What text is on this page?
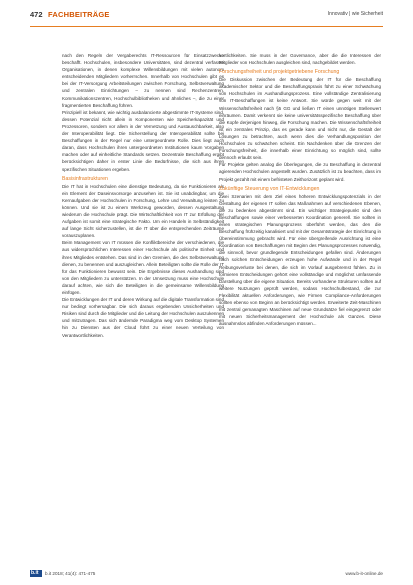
472 FACHBEITRÄGE	Innovativ | wie Sicherheit

nach den Regeln der Vergaberechts IT-Ressourcen für Einsatzzwecke beschafft. Hochschulen, insbesondere Universitäten, sind dezentral verfasste Organisationen, in denen komplexe Willensbildungen mit vielen autonom entscheidenden Mitgliedern vorherrschen. Innerhalb von Hochschulen gibt es bei der IT-Versorgung Arbeitsteilungen zwischen Forschung, Selbstverwaltung und zentralen Einrichtungen – zu nennen sind Rechenzentren, Kommunikationszentren, Hochschulbibliotheken und ähnliches –, die zu einer fragmentierten Beschaffung führen.

Prinzipiell ist bekannt, wie wichtig ausbalancierte abgestimmte IT-Systeme sind, dessen Potenzial nicht allein in Komponenten wie Speicherkapazität und Prozessoren, sondern vor allem in der Vernetzung und Austauschbarkeit, also der Interoperabilität liegt. Die Sicherstellung der Interoperabilität sollte bei Beschaffungen in der Regel nur eine untergeordnete Rolle. Dies liegt auch daran, dass Hochschulen ihren untergeordneten Institutionen kaum Vorgaben machen oder auf einheitliche Standards setzen. Dezentrale Beschaffung ergibt berücksichtigen daher in erster Linie die Bedürfnisse, die sich aus ihren spezifischen Situationen ergeben.

Basisinfrastrukturen

Die IT hat in Hochschulen eine dienstige Bedeutung, da sie Funktionieren als ein Element der Daseinsvorsorge anzusehen ist. Sie ist unabdingbar, um die Kernaufgaben der Hochschulen in Forschung, Lehre und Verwaltung leisten zu können. Und sie ist zu einem Werkzeug geworden, dessen Ausgestaltung wiederum die Hochschule prägt. Die Wirtschaftlichkeit von IT zur Erfüllung der Aufgaben ist somit eine strategische Fakto. Um ein Handeln in Selbständigkeit auf lange Sicht sicherzustellen, ist die IT über die entsprechenden Zeiträume vorauszuplanen.

Beim Management von IT müssen die Konfliktbereiche der verschiedenen, die aus widersprüchlichen Interessen einer Hochschule als politische Einheit und ihres Mitgliedes entstehen. Das sind in den Gremien, die des Selbstverwaltung dienen, zu benennen und auszugleichen. Allein Beteiligten sollte die Rolle der IT für das Funktionieren bewusst sein. Die Ergebnisse dieses Aushandlung sind von den Mitgliedern zu unterstützen. In der Umsetzung muss eine Hochschule darauf achten, wie sich die Beteiligten in die gemeinsame Willensbildung einfügen.

Die Entwicklungen der IT und deren Wirkung auf die digitale Transformation sind nur bedingt vorhersagbar. Die sich daraus ergebenden Unsicherheiten und Risiken sind durch die Mitglieder und die Leitung der Hochschulen auszukennen und mitzutragen. Das sich ändernde Paradigma weg vom Desktop Systemen hin zu Diensten aus der Cloud führt zu einer neuen Verteilung von Verantwortlichkeiten.

vortlichkeiten. Sie muss in der Governance, aber die die Interessen der Mitglieder von Hochschulen ausgleichen sind, nachgebildet werden.

Forschungsfreiheit und projektgetriebene Forschung

Die Diskussion zwischen der Bedeutung der IT für die Beschaffung akademischer Sektor und die Beschaffungspraxis führt zu einer Schwächung von Hochschulen im Aushandlungsprozess. Eine vollständige Zentralisierung von IT-Beschaffungen ist keine Antwort. Sie würde gegen weit mit der Wissenschaftsfreiheit nach §5 GG und ließen IT einen unnötigen Stellenwert einräumen. Damit verkennt sie keine universitätsspezifische Beschaffung über die Kopfe derjenigen hinweg, die Forschung machen. Die Wissenschaftsfreiheit ist ein zentrales Prinzip, das es gerade kann und nicht nur, die Gestalt der Lösungen zu betrachten, auch wenn dies die Verhandlungsposition der Hochschulen zu schwächen scheint. Ein Nachdenken über die Grenzen der Forschungsfreiheit, die innerhalb einer Einrichtung so möglich sind, sollte dennoch erlaubt sein.

Für Projekte gelten analog die Überlegungen, die zu Beschaffung in dezentral agierenden Hochschulen angestellt wurden. Zusätzlich ist zu beachten, dass im Projekt gezahlt mit einem befristeten Zeithorizont geplant wird.

Zukünftige Steuerung von IT-Entwicklungen

Zwei Szenarien mit dem Ziel eines höheren Entwicklungspotenzials in der Gestaltung der eigenen IT sollen das Maßnahmen auf verschiedenen Ebenen, die zu bedenken abgestimmt sind. Ein wichtiger Strategiepunkt sind den Beschaffungen sowie einer verbesserten Koordination generell. Sie sollten in einen strategischen Planungsprozess überführt werden, das den die Beschaffung frühzeitig kanalisiert und mit der Gesamtstrategie der Einrichtung in Übereinstimmung gebracht wird. Für eine übergreifende Ausrichtung ist eine Koordination von Beschaffungen mit Beginn des Planungsprozesses notwendig, die sinnvoll, bevor grundlegende Entscheidungen gefallen sind. Änderungen nach solchen Entscheidungen erzeugen hohe Aufwände und in der Regel Reibungsverluste bei denen, die sich im Vorlauf ausgebremst fühlen. Zu in formieren Entscheidungen gehört eine vollständige und möglichst umfassende Darstellung über die eigene Situation. Bereits vorhandene Strukturen sollten auf weitere Nutzungen geprüft werden, sodass Hochschulbestand, die zur Flexibilität aktuellen Anforderungen, wie Firmen Compliance-Anforderungen sollten ebenso von Beginn an berücksichtigt werden. Erweiterte Zeit-Maschinen mit zentral gemanagten Maschinen auf neue Grundsätze fiel eingegrenzt oder mit neuen Sicherheitsmanagement der Hochschule als Ganzes. Diese ausnahmslos abfinden Anforderungen müssen...

b.it b.it 2018; 41(4): 471-475	www.b-it-online.de
